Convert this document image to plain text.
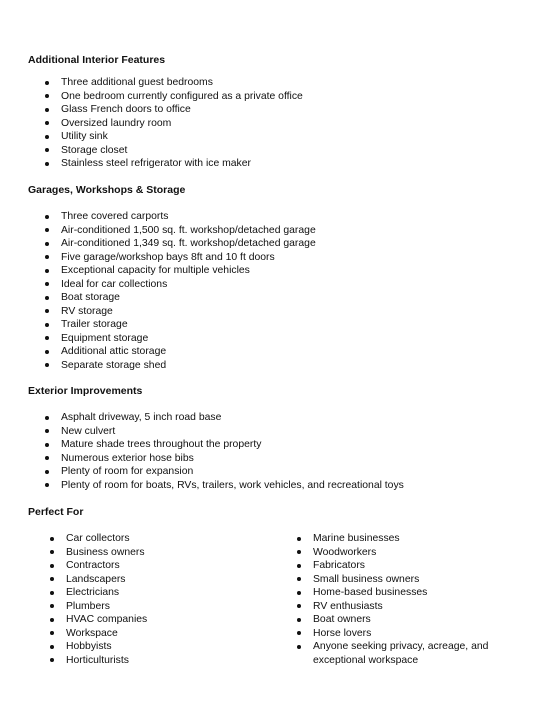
Additional Interior Features
Three additional guest bedrooms
One bedroom currently configured as a private office
Glass French doors to office
Oversized laundry room
Utility sink
Storage closet
Stainless steel refrigerator with ice maker
Garages, Workshops & Storage
Three covered carports
Air-conditioned 1,500 sq. ft. workshop/detached garage
Air-conditioned 1,349 sq. ft. workshop/detached garage
Five garage/workshop bays 8ft and 10 ft doors
Exceptional capacity for multiple vehicles
Ideal for car collections
Boat storage
RV storage
Trailer storage
Equipment storage
Additional attic storage
Separate storage shed
Exterior Improvements
Asphalt driveway, 5 inch road base
New culvert
Mature shade trees throughout the property
Numerous exterior hose bibs
Plenty of room for expansion
Plenty of room for boats, RVs, trailers, work vehicles, and recreational toys
Perfect For
Car collectors
Business owners
Contractors
Landscapers
Electricians
Plumbers
HVAC companies
Workspace
Hobbyists
Horticulturists
Marine businesses
Woodworkers
Fabricators
Small business owners
Home-based businesses
RV enthusiasts
Boat owners
Horse lovers
Anyone seeking privacy, acreage, and exceptional workspace
